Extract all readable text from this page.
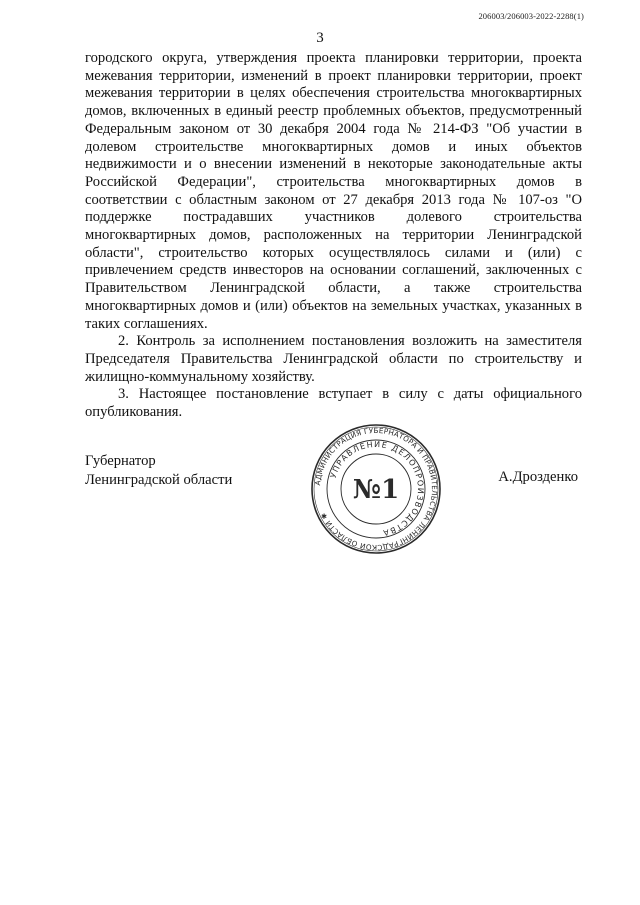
206003/206003-2022-2288(1)
3

городского округа, утверждения проекта планировки территории, проекта межевания территории, изменений в проект планировки территории, проект межевания территории в целях обеспечения строительства многоквартирных домов, включенных в единый реестр проблемных объектов, предусмотренный Федеральным законом от 30 декабря 2004 года № 214-ФЗ "Об участии в долевом строительстве многоквартирных домов и иных объектов недвижимости и о внесении изменений в некоторые законодательные акты Российской Федерации", строительства многоквартирных домов в соответствии с областным законом от 27 декабря 2013 года № 107-оз "О поддержке пострадавших участников долевого строительства многоквартирных домов, расположенных на территории Ленинградской области", строительство которых осуществлялось силами и (или) с привлечением средств инвесторов на основании соглашений, заключенных с Правительством Ленинградской области, а также строительства многоквартирных домов и (или) объектов на земельных участках, указанных в таких соглашениях.

2. Контроль за исполнением постановления возложить на заместителя Председателя Правительства Ленинградской области по строительству и жилищно-коммунальному хозяйству.

3. Настоящее постановление вступает в силу с даты официального опубликования.

Губернатор
Ленинградской области	АДМИНИСТРАЦИЯ ГУБЕРНАТОРА И ПРАВИТЕЛЬСТВА ЛЕНИНГРАДСКОЙ ОБЛАСТИ ✱
УПРАВЛЕНИЕ ДЕЛОПРОИЗВОДСТВА
№1	А.Дрозденко
